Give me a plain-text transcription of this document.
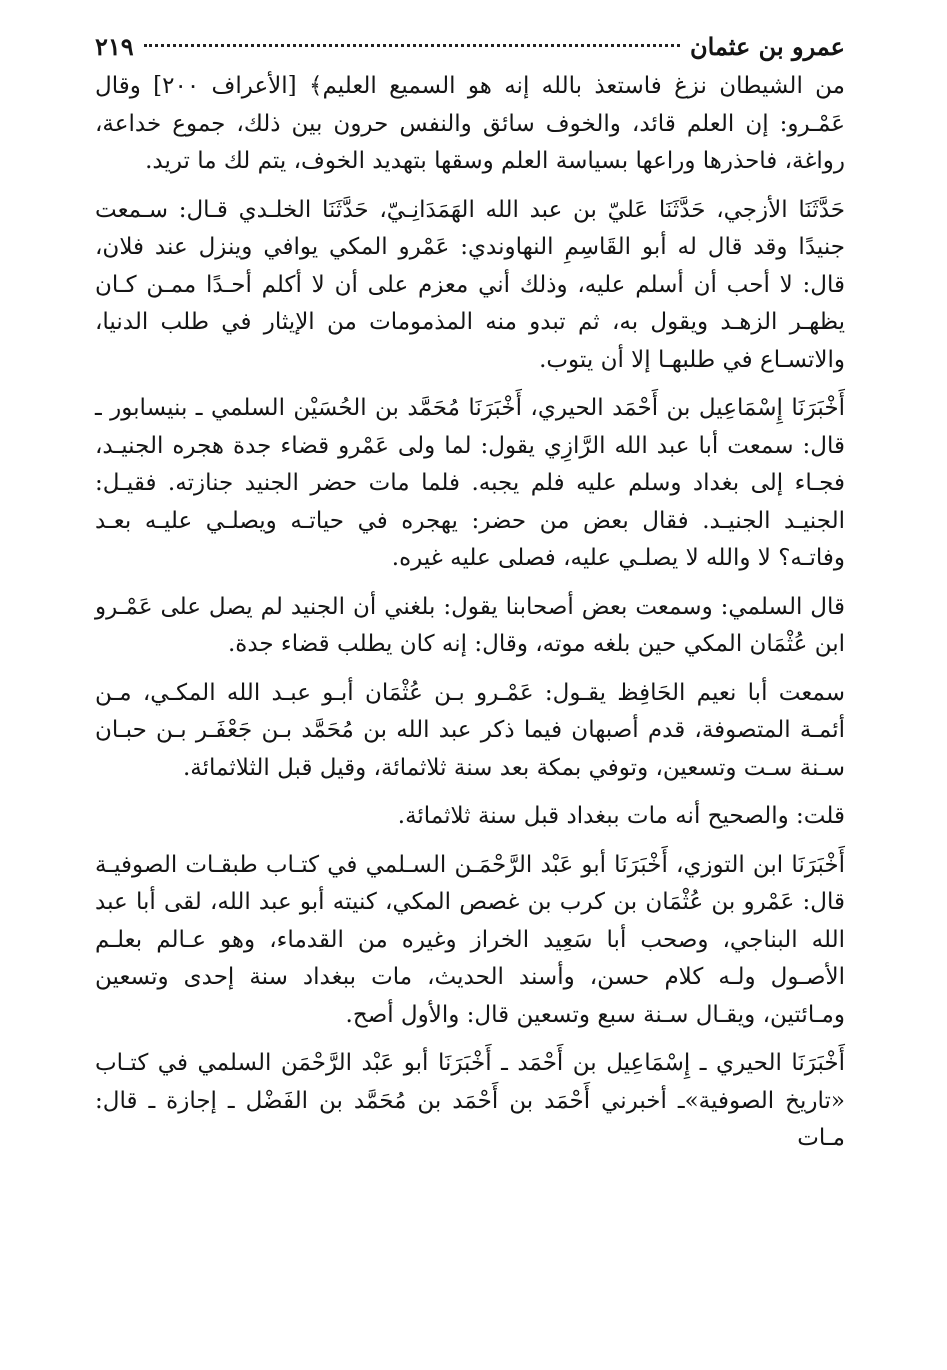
عمرو بن عثمان
٢١٩

من الشيطان نزغ فاستعذ بالله إنه هو السميع العليم﴾ [الأعراف ٢٠٠] وقال عَمْـرو: إن العلم قائد، والخوف سائق والنفس حرون بين ذلك، جموع خداعة، رواغة، فاحذرها وراعها بسياسة العلم وسقها بتهديد الخوف، يتم لك ما تريد.

حَدَّثَنَا الأزجي، حَدَّثَنَا عَليّ بن عبد الله الهَمَدَانِـيّ، حَدَّثَنَا الخلـدي قـال: سـمعت جنيدًا وقد قال له أبو القَاسِمِ النهاوندي: عَمْرو المكي يوافي وينزل عند فلان، قال: لا أحب أن أسلم عليه، وذلك أني معزم على أن لا أكلم أحـدًا ممـن كـان يظهـر الزهـد ويقول به، ثم تبدو منه المذمومات من الإيثار في طلب الدنيا، والاتسـاع في طلبهـا إلا أن يتوب.

أَخْبَرَنَا إِسْمَاعِيل بن أَحْمَد الحيري، أَخْبَرَنَا مُحَمَّد بن الحُسَيْن السلمي ـ بنيسابور ـ قال: سمعت أبا عبد الله الرَّازِي يقول: لما ولى عَمْرو قضاء جدة هجره الجنيـد، فجـاء إلى بغداد وسلم عليه فلم يجبه. فلما مات حضر الجنيد جنازته. فقيـل: الجنيـد الجنيـد. فقال بعض من حضر: يهجره في حياتـه ويصلـي عليـه بعـد وفاتـه؟ لا والله لا يصلـي عليه، فصلى عليه غيره.

قال السلمي: وسمعت بعض أصحابنا يقول: بلغني أن الجنيد لم يصل على عَمْـرو ابن عُثْمَان المكي حين بلغه موته، وقال: إنه كان يطلب قضاء جدة.

سمعت أبا نعيم الحَافِظ يقـول: عَمْـرو بـن عُثْمَان أبـو عبـد الله المكـي، مـن أئمـة المتصوفة، قدم أصبهان فيما ذكر عبد الله بن مُحَمَّد بـن جَعْفَـر بـن حبـان سـنة سـت وتسعين، وتوفي بمكة بعد سنة ثلاثمائة، وقيل قبل الثلاثمائة.

قلت: والصحيح أنه مات ببغداد قبل سنة ثلاثمائة.

أَخْبَرَنَا ابن التوزي، أَخْبَرَنَا أبو عَبْد الرَّحْمَـن السـلمي في كتـاب طبقـات الصوفيـة قال: عَمْرو بن عُثْمَان بن كرب بن غصص المكي، كنيته أبو عبد الله، لقى أبا عبد الله البناجي، وصحب أبا سَعِيد الخراز وغيره من القدماء، وهو عـالم بعلـم الأصـول ولـه كلام حسن، وأسند الحديث، مات ببغداد سنة إحدى وتسعين ومـائتين، ويقـال سـنة سبع وتسعين قال: والأول أصح.

أَخْبَرَنَا الحيري ـ إِسْمَاعِيل بن أَحْمَد ـ أَخْبَرَنَا أبو عَبْد الرَّحْمَن السلمي في كتـاب «تاريخ الصوفية»ـ أخبرني أَحْمَد بن أَحْمَد بن مُحَمَّد بن الفَضْل ـ إجازة ـ قال: مـات
